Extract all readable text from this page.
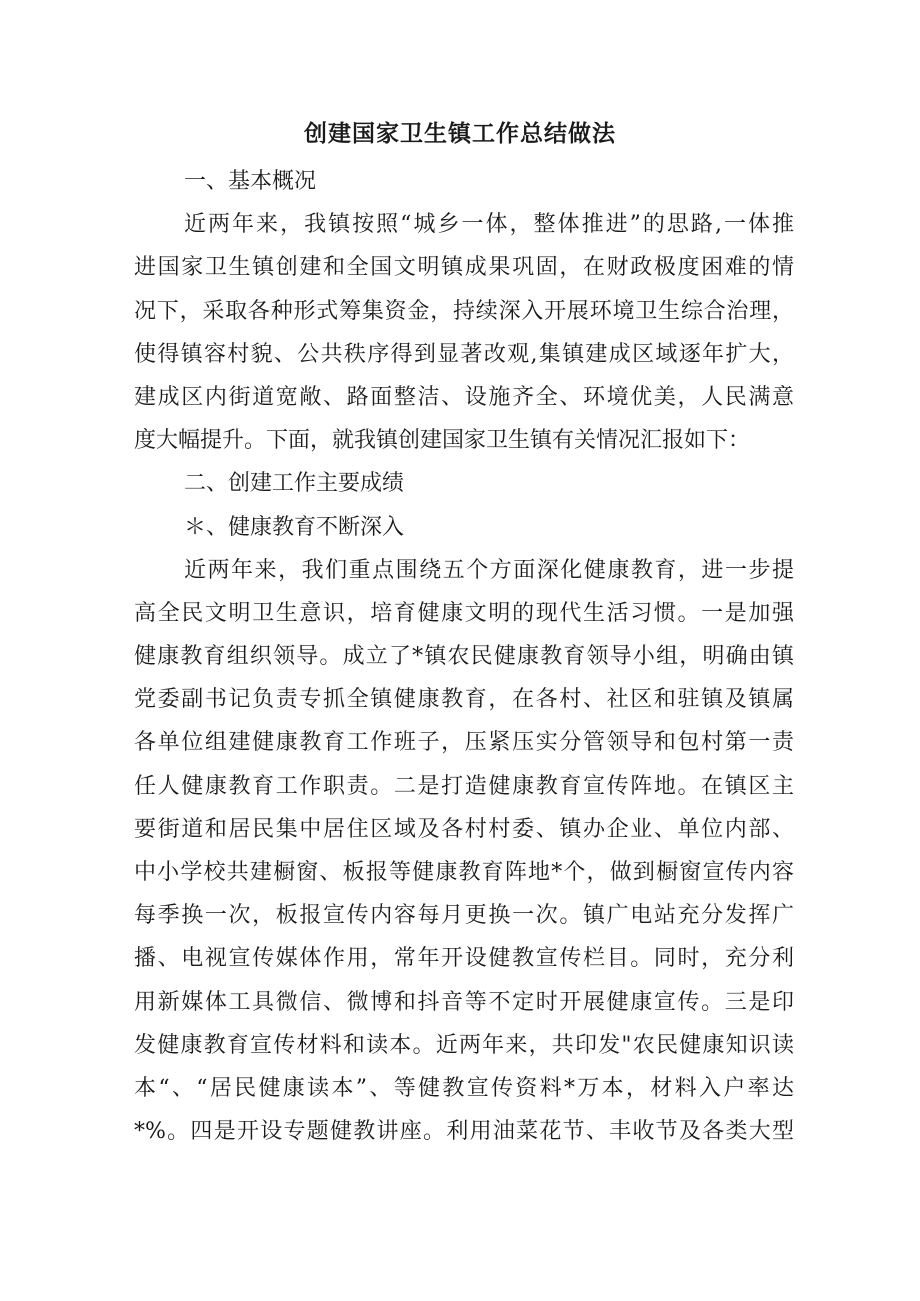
创建国家卫生镇工作总结做法
一、基本概况
近两年来，我镇按照“城乡一体，整体推进”的思路,一体推
进国家卫生镇创建和全国文明镇成果巩固，在财政极度困难的情
况下，采取各种形式筹集资金，持续深入开展环境卫生综合治理，
使得镇容村貌、公共秩序得到显著改观,集镇建成区域逐年扩大，
建成区内街道宽敞、路面整洁、设施齐全、环境优美，人民满意
度大幅提升。下面，就我镇创建国家卫生镇有关情况汇报如下：
二、创建工作主要成绩
＊、健康教育不断深入
近两年来，我们重点围绕五个方面深化健康教育，进一步提
高全民文明卫生意识，培育健康文明的现代生活习惯。一是加强
健康教育组织领导。成立了*镇农民健康教育领导小组，明确由镇
党委副书记负责专抓全镇健康教育，在各村、社区和驻镇及镇属
各单位组建健康教育工作班子，压紧压实分管领导和包村第一责
任人健康教育工作职责。二是打造健康教育宣传阵地。在镇区主
要街道和居民集中居住区域及各村村委、镇办企业、单位内部、
中小学校共建橱窗、板报等健康教育阵地*个，做到橱窗宣传内容
每季换一次，板报宣传内容每月更换一次。镇广电站充分发挥广
播、电视宣传媒体作用，常年开设健教宣传栏目。同时，充分利
用新媒体工具微信、微博和抖音等不定时开展健康宣传。三是印
发健康教育宣传材料和读本。近两年来，共印发"农民健康知识读
本“、“居民健康读本”、等健教宣传资料*万本，材料入户率达
*%。四是开设专题健教讲座。利用油菜花节、丰收节及各类大型
